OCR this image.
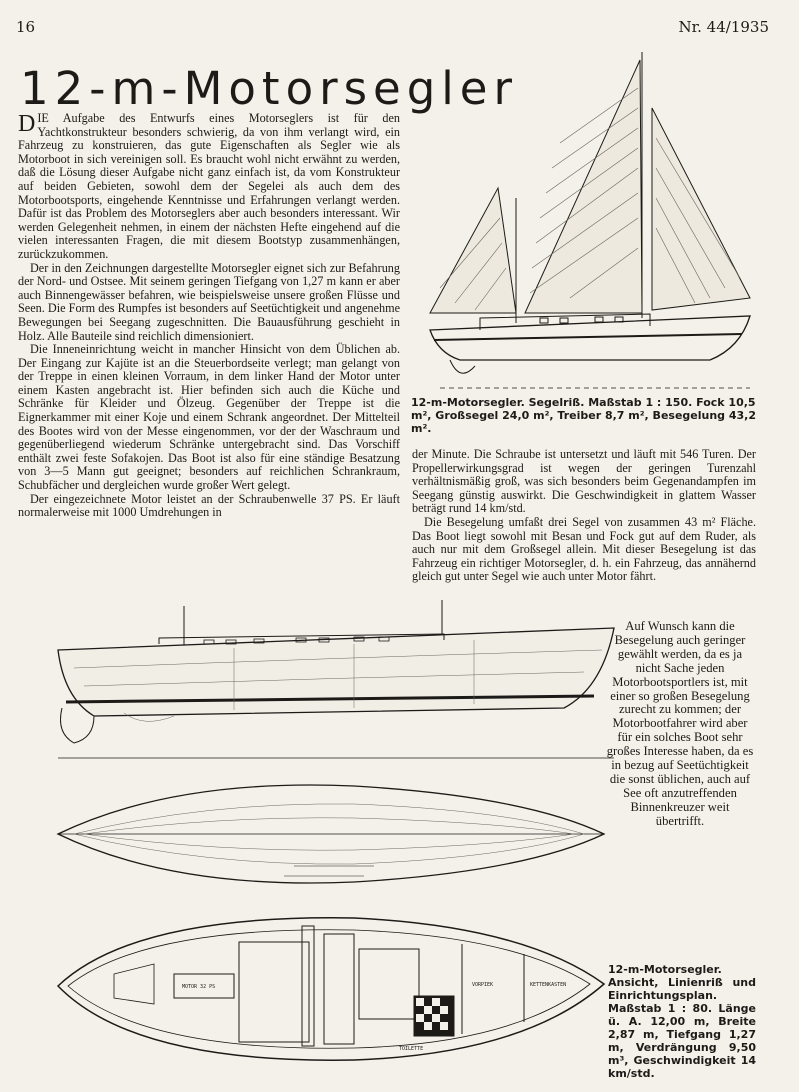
16	Nr. 44/1935
12-m-Motorsegler

DIE Aufgabe des Entwurfs eines Motorseglers ist für den Yachtkonstrukteur besonders schwierig, da von ihm verlangt wird, ein Fahrzeug zu konstruieren, das gute Eigenschaften als Segler wie als Motorboot in sich vereinigen soll. Es braucht wohl nicht erwähnt zu werden, daß die Lösung dieser Aufgabe nicht ganz einfach ist, da vom Konstrukteur auf beiden Gebieten, sowohl dem der Segelei als auch dem des Motorbootsports, eingehende Kenntnisse und Erfahrungen verlangt werden. Dafür ist das Problem des Motorseglers aber auch besonders interessant. Wir werden Gelegenheit nehmen, in einem der nächsten Hefte eingehend auf die vielen interessanten Fragen, die mit diesem Bootstyp zusammenhängen, zurückzukommen.

Der in den Zeichnungen dargestellte Motorsegler eignet sich zur Befahrung der Nord- und Ostsee. Mit seinem geringen Tiefgang von 1,27 m kann er aber auch Binnengewässer befahren, wie beispielsweise unsere großen Flüsse und Seen. Die Form des Rumpfes ist besonders auf Seetüchtigkeit und angenehme Bewegungen bei Seegang zugeschnitten. Die Bauausführung geschieht in Holz. Alle Bauteile sind reichlich dimensioniert.

Die Inneneinrichtung weicht in mancher Hinsicht von dem Üblichen ab. Der Eingang zur Kajüte ist an die Steuerbordseite verlegt; man gelangt von der Treppe in einen kleinen Vorraum, in dem linker Hand der Motor unter einem Kasten angebracht ist. Hier befinden sich auch die Küche und Schränke für Kleider und Ölzeug. Gegenüber der Treppe ist die Eignerkammer mit einer Koje und einem Schrank angeordnet. Der Mittelteil des Bootes wird von der Messe eingenommen, vor der der Waschraum und gegenüberliegend wiederum Schränke untergebracht sind. Das Vorschiff enthält zwei feste Sofakojen. Das Boot ist also für eine ständige Besatzung von 3—5 Mann gut geeignet; besonders auf reichlichen Schrankraum, Schubfächer und dergleichen wurde großer Wert gelegt.

Der eingezeichnete Motor leistet an der Schraubenwelle 37 PS. Er läuft normalerweise mit 1000 Umdrehungen in

12-m-Motorsegler. Segelriß. Maßstab 1 : 150. Fock 10,5 m², Großsegel 24,0 m², Treiber 8,7 m², Besegelung 43,2 m².

der Minute. Die Schraube ist untersetzt und läuft mit 546 Turen. Der Propellerwirkungsgrad ist wegen der geringen Turenzahl verhältnismäßig groß, was sich besonders beim Gegenandampfen im Seegang günstig auswirkt. Die Geschwindigkeit in glattem Wasser beträgt rund 14 km/std.

Die Besegelung umfaßt drei Segel von zusammen 43 m² Fläche. Das Boot liegt sowohl mit Besan und Fock gut auf dem Ruder, als auch nur mit dem Großsegel allein. Mit dieser Besegelung ist das Fahrzeug ein richtiger Motorsegler, d. h. ein Fahrzeug, das annähernd gleich gut unter Segel wie auch unter Motor fährt.

MOTOR 32 PS
TOILETTE
VORPIEK	KETTENKASTEN
Auf Wunsch kann die Besegelung auch geringer gewählt werden, da es ja nicht Sache jeden Motorbootsportlers ist, mit einer so großen Besegelung zurecht zu kommen; der Motorbootfahrer wird aber für ein solches Boot sehr großes Interesse haben, da es in bezug auf Seetüchtigkeit die sonst üblichen, auch auf See oft anzutreffenden Binnenkreuzer weit übertrifft.
12-m-Motorsegler. Ansicht, Linienriß und Einrichtungsplan. Maßstab 1 : 80. Länge ü. A. 12,00 m, Breite 2,87 m, Tiefgang 1,27 m, Verdrängung 9,50 m³, Geschwindigkeit 14 km/std.
